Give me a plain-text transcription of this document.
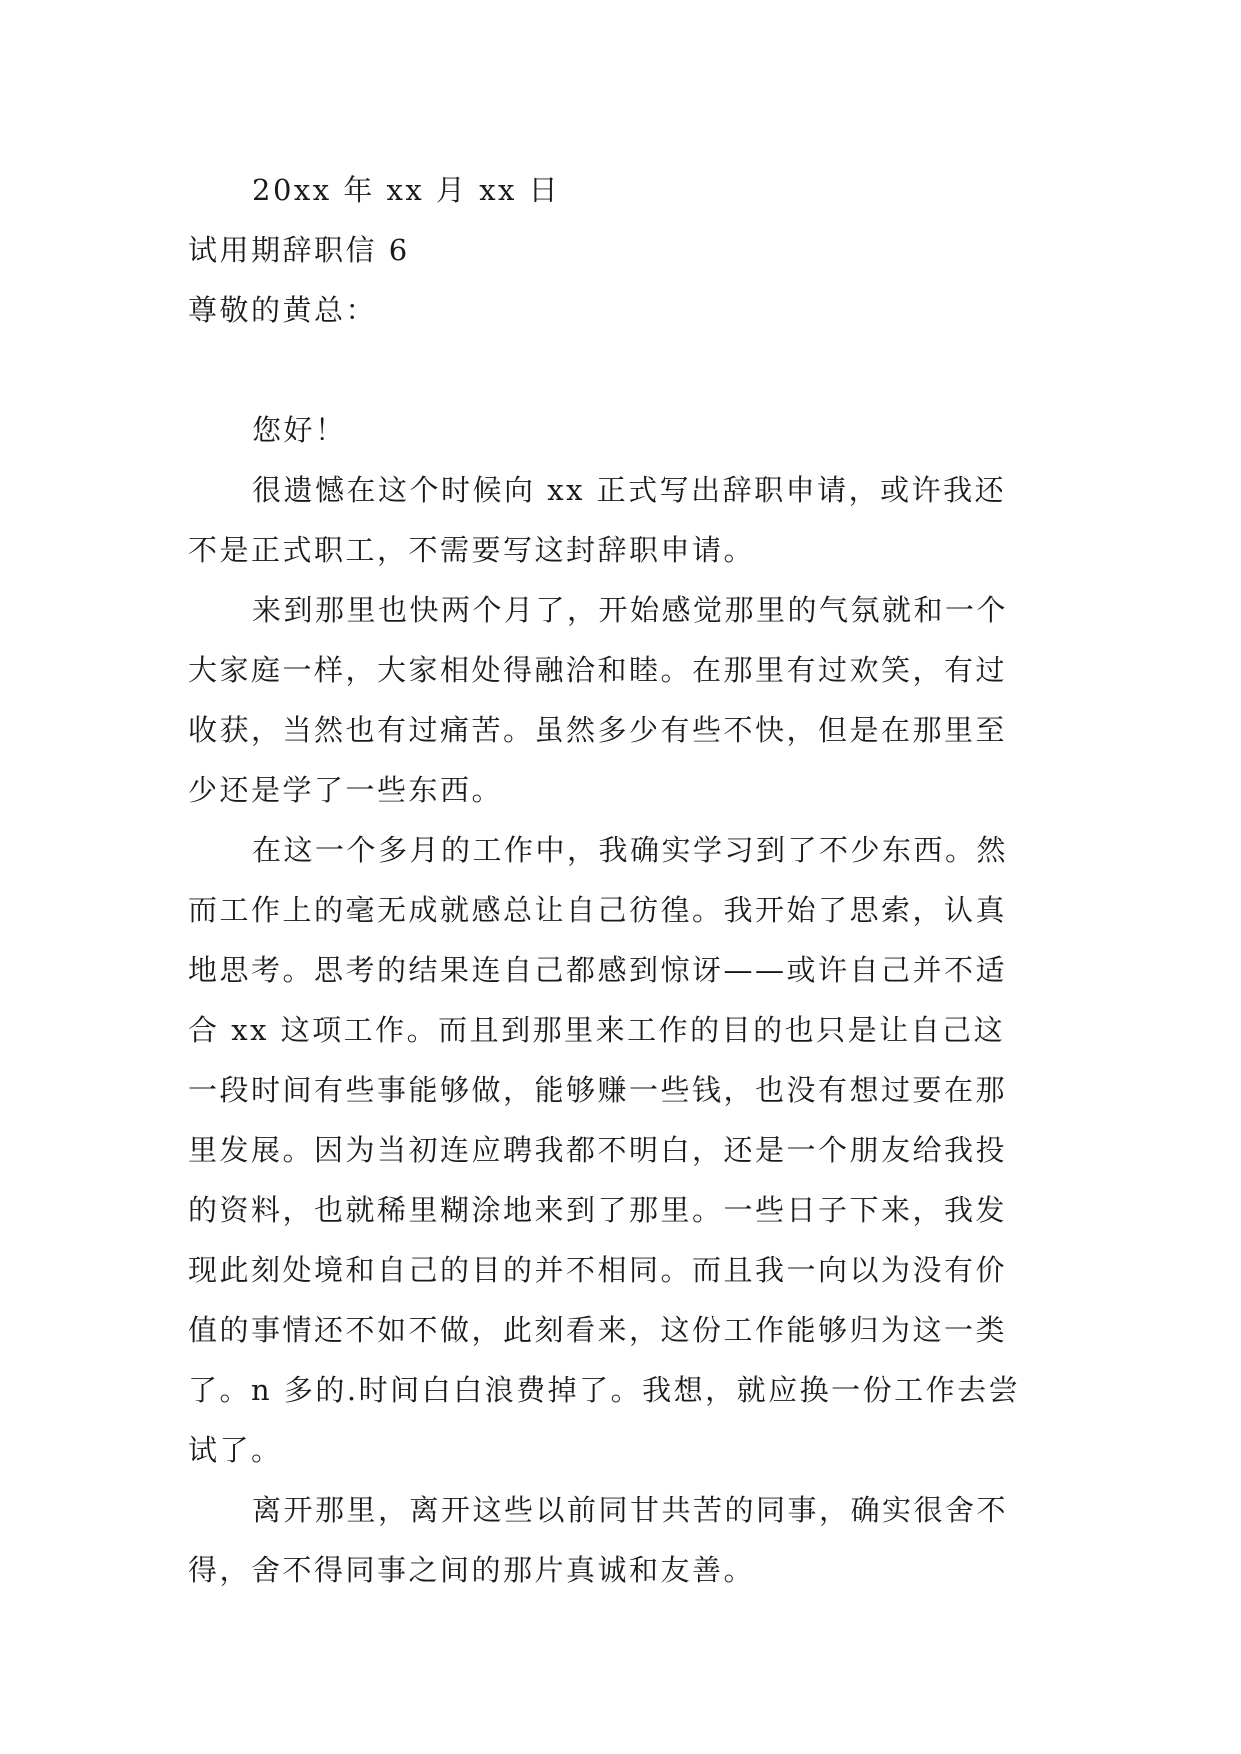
20xx 年 xx 月 xx 日
试用期辞职信 6
尊敬的黄总：
您好！
很遗憾在这个时候向 xx 正式写出辞职申请，或许我还
不是正式职工，不需要写这封辞职申请。
来到那里也快两个月了，开始感觉那里的气氛就和一个
大家庭一样，大家相处得融洽和睦。在那里有过欢笑，有过
收获，当然也有过痛苦。虽然多少有些不快，但是在那里至
少还是学了一些东西。
在这一个多月的工作中，我确实学习到了不少东西。然
而工作上的毫无成就感总让自己彷徨。我开始了思索，认真
地思考。思考的结果连自己都感到惊讶——或许自己并不适
合 xx 这项工作。而且到那里来工作的目的也只是让自己这
一段时间有些事能够做，能够赚一些钱，也没有想过要在那
里发展。因为当初连应聘我都不明白，还是一个朋友给我投
的资料，也就稀里糊涂地来到了那里。一些日子下来，我发
现此刻处境和自己的目的并不相同。而且我一向以为没有价
值的事情还不如不做，此刻看来，这份工作能够归为这一类
了。n 多的.时间白白浪费掉了。我想，就应换一份工作去尝
试了。
离开那里，离开这些以前同甘共苦的同事，确实很舍不
得，舍不得同事之间的那片真诚和友善。
